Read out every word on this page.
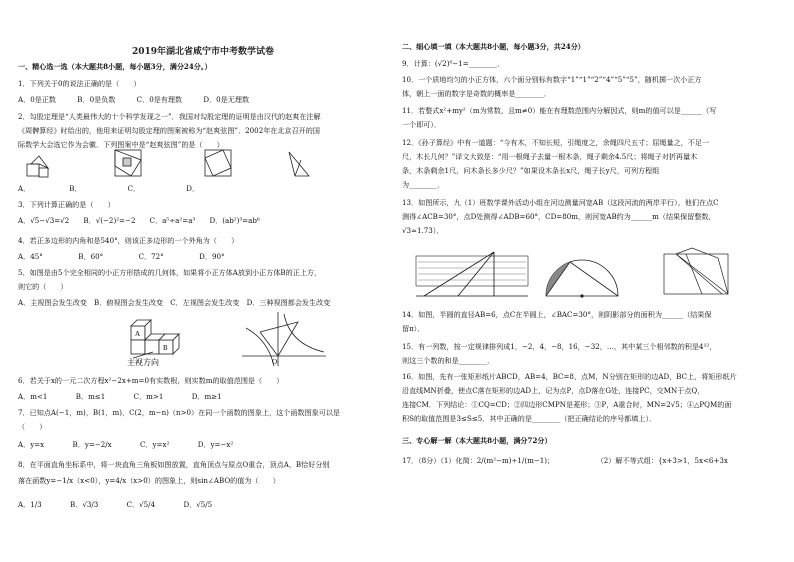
2019年湖北省咸宁市中考数学试卷
一、精心选一选（本大题共8小题，每小题3分，满分24分。）
1．下列关于0的说法正确的是（　　）
A．0是正数　　　B．0是负数　　　C．0是有理数　　　D．0是无理数
2．勾股定理是“人类最伟大的十个科学发现之一”．我国对勾股定理的证明是由汉代的赵爽在注解
《周髀算经》时给出的，他用来证明勾股定理的图案被称为“赵爽弦图”．2002年在北京召开的国
际数学大会选它作为会徽．下列图案中是“赵爽弦图”的是（　　）
A．　　　　　　B．　　　　　　　C．　　　　　　　D．
3．下列计算正确的是（　　）
A．√5−√3=√2　　B．√(−2)²=−2　　C．a⁵÷a²=a³　　D．(ab²)³=ab⁶
4．若正多边形的内角和是540°，则该正多边形的一个外角为（　　）
A．45°　　　　　B．60°　　　　　C．72°　　　　　D．90°
5．如图是由5个完全相同的小正方形搭成的几何体，如果将小正方体A放到小正方体B的正上方，
则它的（　　）
A．主视图会发生改变　B．俯视图会发生改变　C．左视图会发生改变　D．三种视图都会发生改变
6．若关于x的一元二次方程x²−2x+m=0有实数根，则实数m的取值范围是（　　）
A．m<1　　　　B．m≤1　　　　C．m>1　　　　D．m≥1
7．已知点A(−1，m)，B(1，m)，C(2，m−n)（n>0）在同一个函数的图象上，这个函数图象可以是
（　　）
A．y=x　　　　B．y=−2/x　　　　C．y=x²　　　　D．y=−x²
8．在平面直角坐标系中，将一块直角三角板如图放置，直角顶点与原点O重合，顶点A，B恰好分别
落在函数y=−1/x（x<0），y=4/x（x>0）的图象上，则sin∠ABO的值为（　　）
A．1/3　　　　B．√3/3　　　　C．√5/4　　　　D．√5/5
A
B
主视方向	O
二、细心填一填（本大题共8小题，每小题3分，共24分）
9．计算：(√2)⁰−1=________．
10．一个质地均匀的小正方体，六个面分别标有数字“1”“1”“2”“4”“5”“5”，随机掷一次小正方
体，朝上一面的数字是奇数的概率是________．
11．若整式x²+my²（m为常数，且m≠0）能在有理数范围内分解因式，则m的值可以是______（写
一个即可）．
12．《孙子算经》中有一道题：“今有木，不知长短，引绳度之，余绳四尺五寸；屈绳量之，不足一
尺，木长几何？”译文大致是：“用一根绳子去量一根木条，绳子剩余4.5尺；将绳子对折再量木
条，木条剩余1尺，问木条长多少尺？”如果设木条长x尺，绳子长y尺，可列方程组
为________．
13．如图所示，九（1）班数学课外活动小组在河边测量河宽AB（这段河流的两岸平行），他们在点C
测得∠ACB=30°，点D处测得∠ADB=60°，CD=80m，则河宽AB约为______m（结果保留整数，
√3≈1.73）．
14．如图，半圆的直径AB=6，点C在半圆上，∠BAC=30°，则阴影部分的面积为______（结果保
留π）．
15．有一列数，按一定规律排列成1，−2，4，−8，16，−32，…，其中某三个相邻数的积是4¹²，
则这三个数的和是________．
16．如图，先有一张矩形纸片ABCD，AB=4，BC=8，点M，N分别在矩形的边AD，BC上，将矩形纸片
沿直线MN折叠，使点C落在矩形的边AD上，记为点P，点D落在G处，连接PC，交MN于点Q，
连接CM．下列结论：①CQ=CD；②四边形CMPN是菱形；③P，A重合时，MN=2√5；④△PQM的面
积S的取值范围是3≤S≤5．其中正确的是________（把正确结论的序号都填上）．
三、专心解一解（本大题共8小题，满分72分）
17．（8分）（1）化简：2/(m²−m)÷1/(m−1)；　　　　　　　（2）解不等式组：{x+3>1，5x<6+3x
